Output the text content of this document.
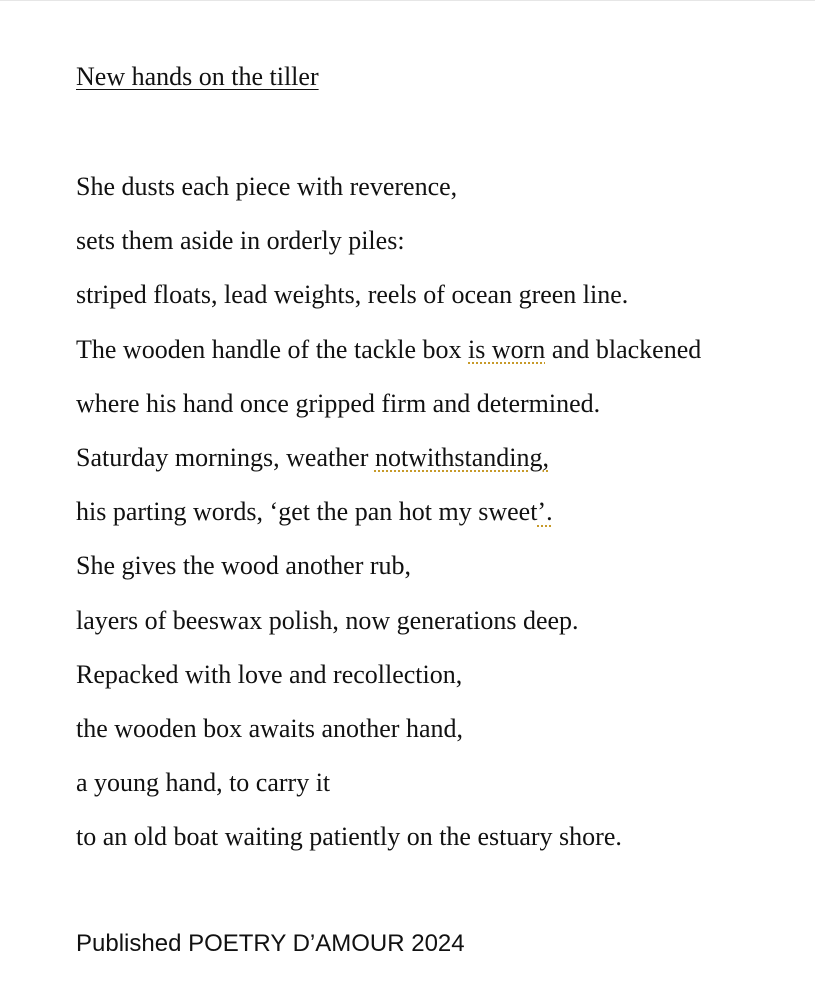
New hands on the tiller
She dusts each piece with reverence,
sets them aside in orderly piles:
striped floats, lead weights, reels of ocean green line.
The wooden handle of the tackle box is worn and blackened
where his hand once gripped firm and determined.
Saturday mornings, weather notwithstanding,
his parting words, ‘get the pan hot my sweet’.
She gives the wood another rub,
layers of beeswax polish, now generations deep.
Repacked with love and recollection,
the wooden box awaits another hand,
a young hand, to carry it
to an old boat waiting patiently on the estuary shore.
Published POETRY D’AMOUR 2024
